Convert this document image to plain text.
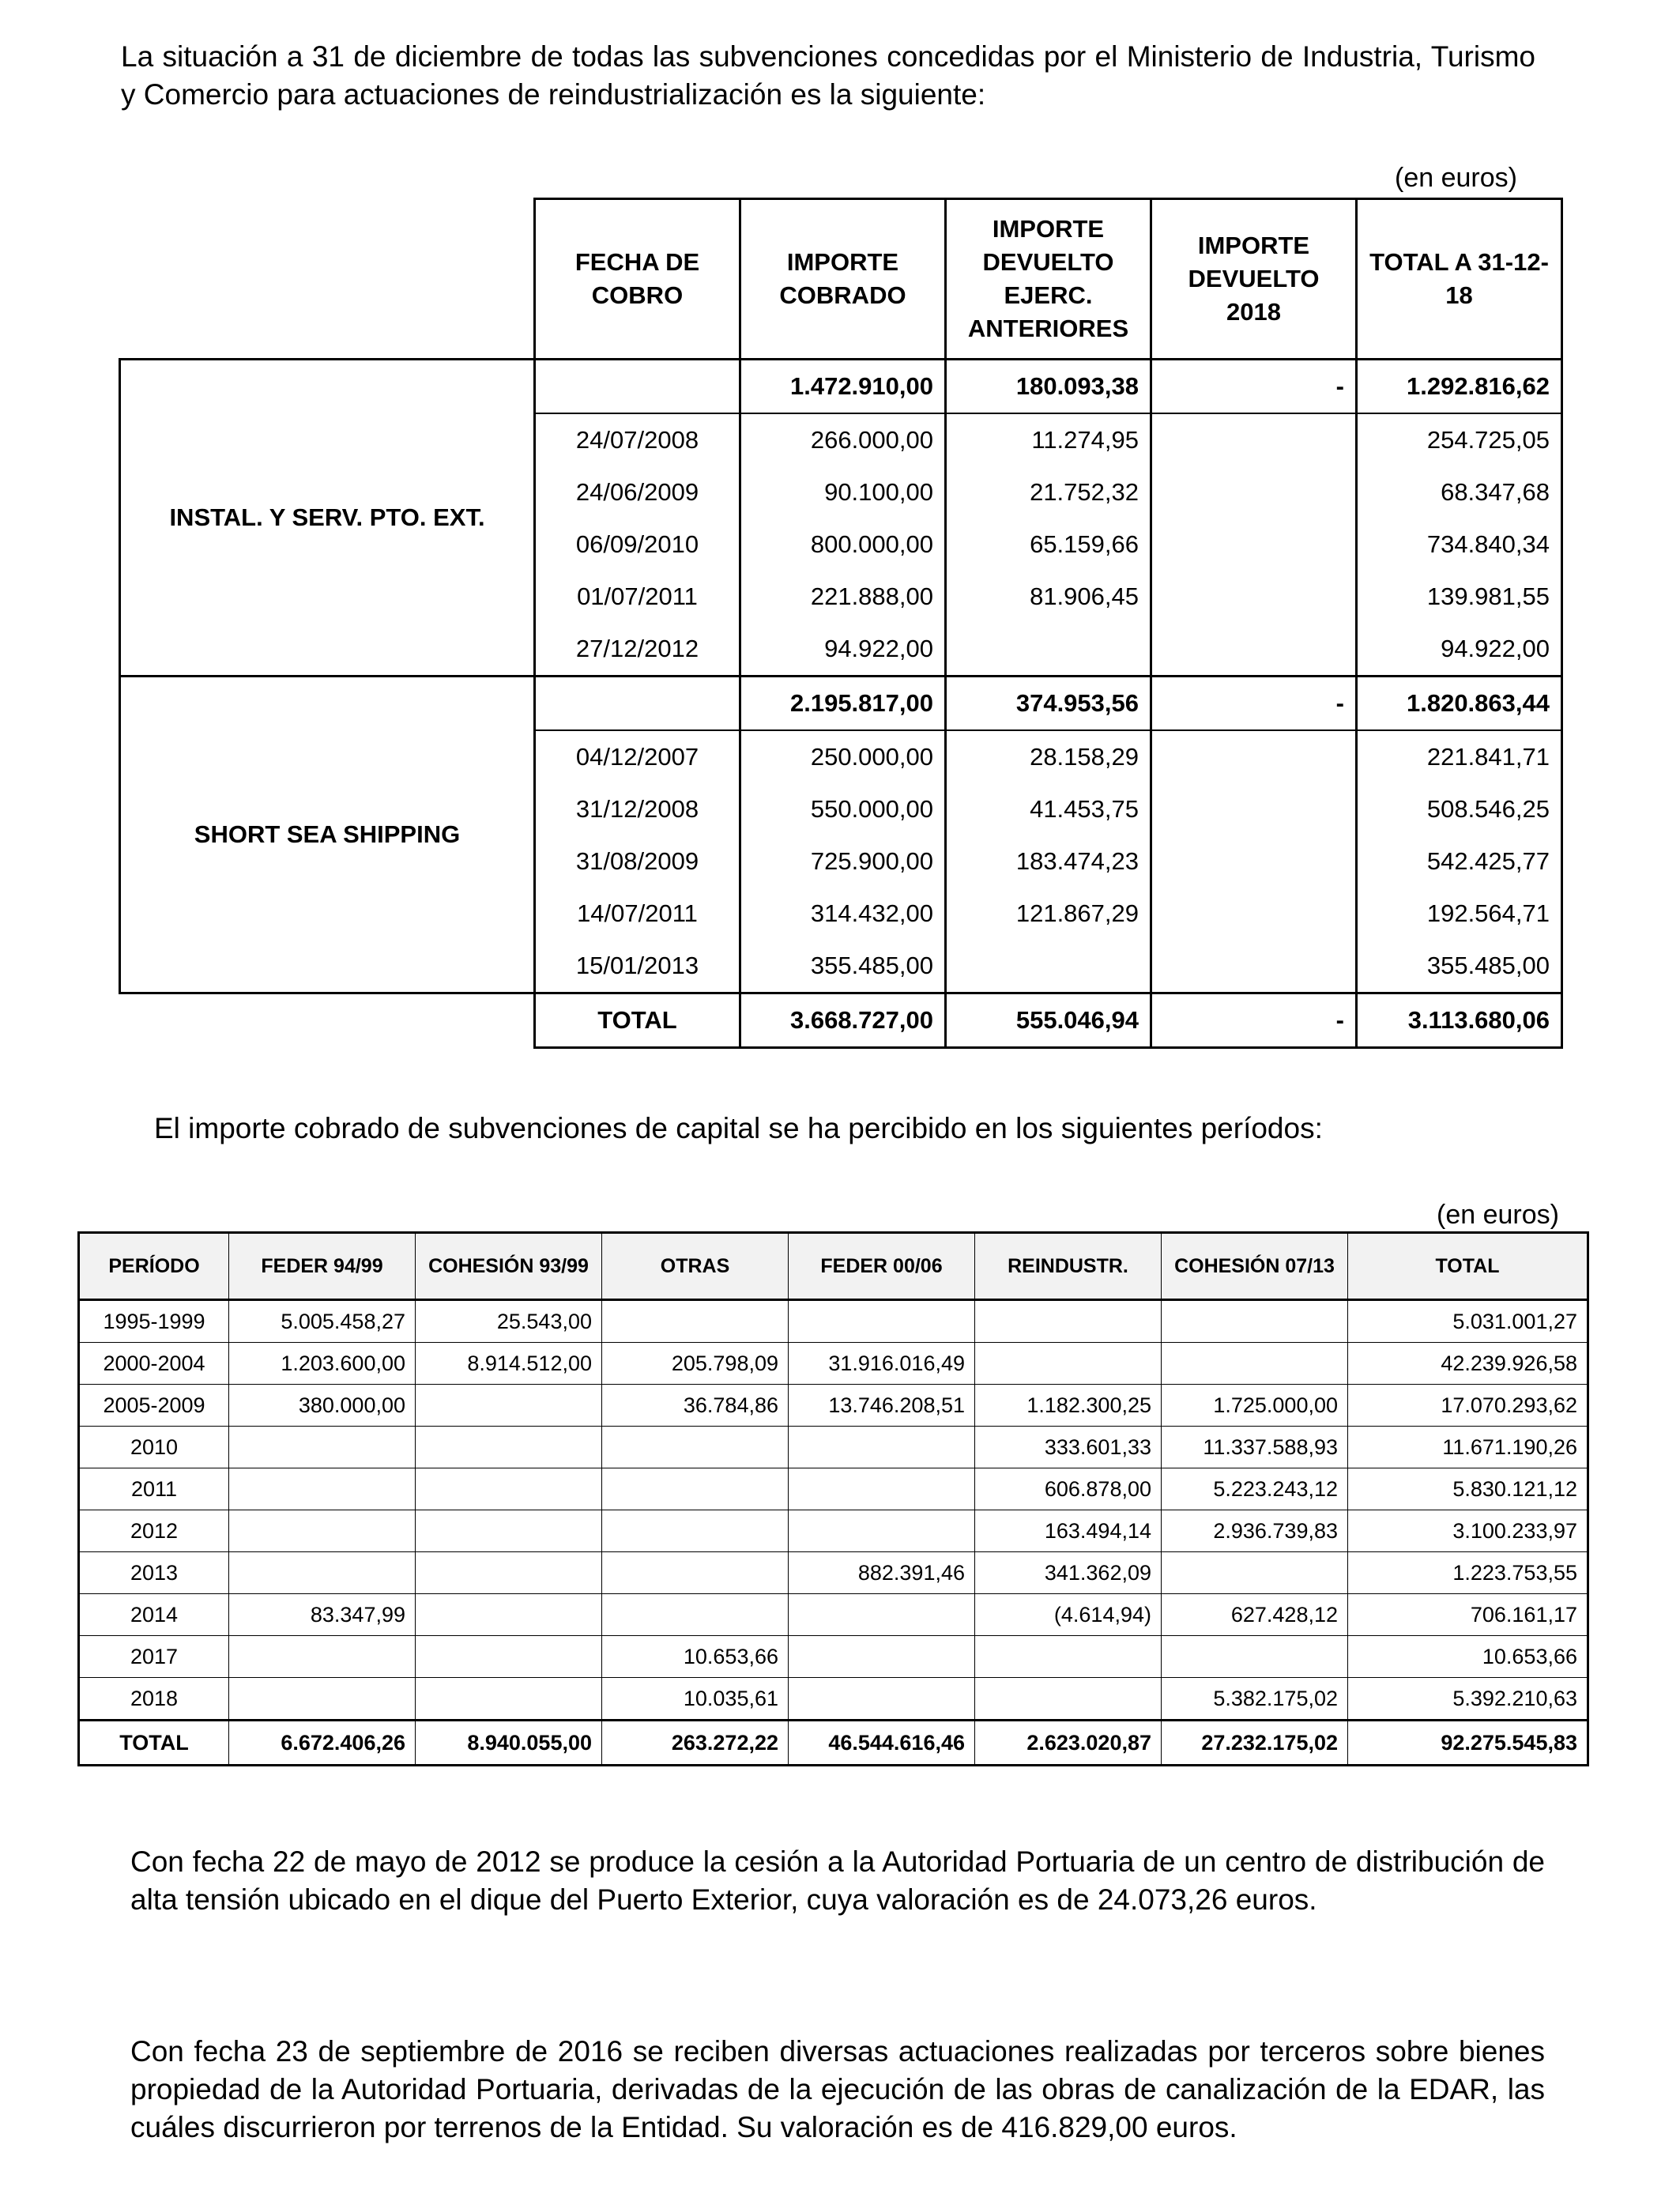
La situación a 31 de diciembre de todas las subvenciones concedidas por el Ministerio de Industria, Turismo y Comercio para actuaciones de reindustrialización es la siguiente:
(en euros)
	FECHA DE COBRO	IMPORTE COBRADO	IMPORTE DEVUELTO EJERC. ANTERIORES	IMPORTE DEVUELTO 2018	TOTAL A 31-12-18
INSTAL. Y SERV. PTO. EXT.		1.472.910,00	180.093,38	-	1.292.816,62
	24/07/2008	266.000,00	11.274,95		254.725,05
	24/06/2009	90.100,00	21.752,32		68.347,68
	06/09/2010	800.000,00	65.159,66		734.840,34
	01/07/2011	221.888,00	81.906,45		139.981,55
	27/12/2012	94.922,00			94.922,00
SHORT SEA SHIPPING		2.195.817,00	374.953,56	-	1.820.863,44
	04/12/2007	250.000,00	28.158,29		221.841,71
	31/12/2008	550.000,00	41.453,75		508.546,25
	31/08/2009	725.900,00	183.474,23		542.425,77
	14/07/2011	314.432,00	121.867,29		192.564,71
	15/01/2013	355.485,00			355.485,00
	TOTAL	3.668.727,00	555.046,94	-	3.113.680,06
El importe cobrado de subvenciones de capital se ha percibido en los siguientes períodos:
(en euros)
PERÍODO	FEDER 94/99	COHESIÓN 93/99	OTRAS	FEDER 00/06	REINDUSTR.	COHESIÓN 07/13	TOTAL
1995-1999	5.005.458,27	25.543,00					5.031.001,27
2000-2004	1.203.600,00	8.914.512,00	205.798,09	31.916.016,49			42.239.926,58
2005-2009	380.000,00		36.784,86	13.746.208,51	1.182.300,25	1.725.000,00	17.070.293,62
2010					333.601,33	11.337.588,93	11.671.190,26
2011					606.878,00	5.223.243,12	5.830.121,12
2012					163.494,14	2.936.739,83	3.100.233,97
2013				882.391,46	341.362,09		1.223.753,55
2014	83.347,99				(4.614,94)	627.428,12	706.161,17
2017			10.653,66				10.653,66
2018			10.035,61			5.382.175,02	5.392.210,63
TOTAL	6.672.406,26	8.940.055,00	263.272,22	46.544.616,46	2.623.020,87	27.232.175,02	92.275.545,83
Con fecha 22 de mayo de 2012 se produce la cesión a la Autoridad Portuaria de un centro de distribución de alta tensión ubicado en el dique del Puerto Exterior, cuya valoración es de 24.073,26 euros.
Con fecha 23 de septiembre de 2016 se reciben diversas actuaciones realizadas por terceros sobre bienes propiedad de la Autoridad Portuaria, derivadas de la ejecución de las obras de canalización de la EDAR, las cuáles discurrieron por terrenos de la Entidad. Su valoración es de 416.829,00 euros.
